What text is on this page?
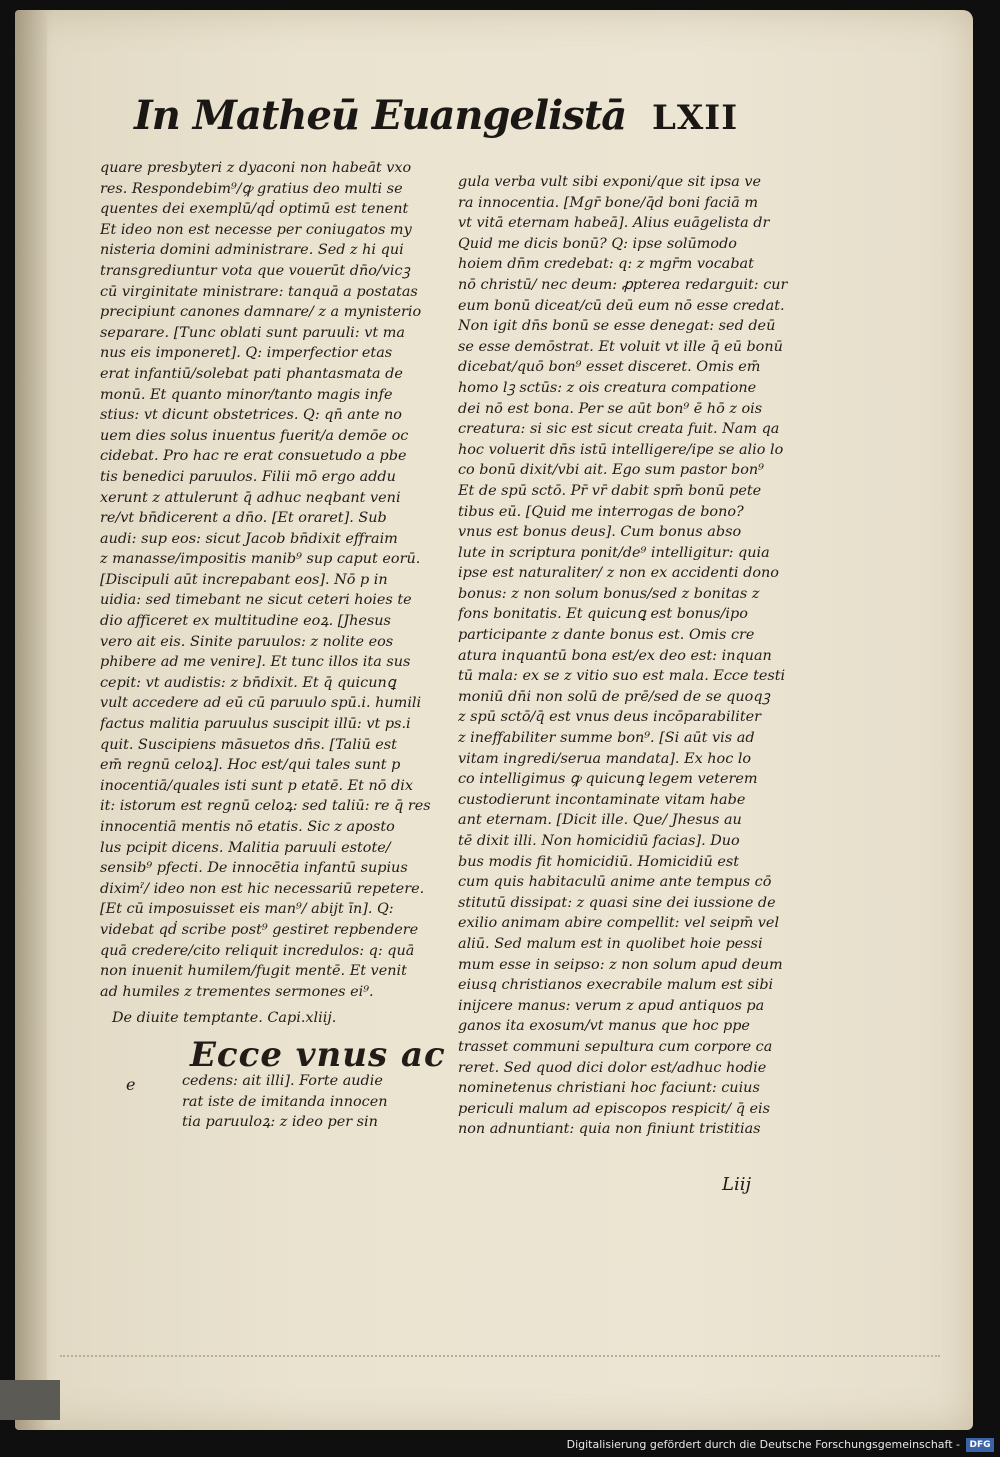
In Matheū Euangelistā LXII
quare presbyteri z dyaconi non habeāt vxo
res. Respondebim⁹/ꝙ gratius deo multi se
quentes dei exemplū/qḋ optimū est tenent
Et ideo non est necesse per coniugatos my
nisteria domini administrare. Sed z hi qui
transgrediuntur vota que vouerūt dn̄o/vicꝫ
cū virginitate ministrare: tanquā a postatas
precipiunt canones damnare/ z a mynisterio
separare. [Tunc oblati sunt paruuli: vt ma
nus eis imponeret]. Q: imperfectior etas
erat infantiū/solebat pati phantasmata de
monū. Et quanto minor/tanto magis infe
stius: vt dicunt obstetrices. Q: qn̄ ante no
uem dies solus inuentus fuerit/a demōe oc
cidebat. Pro hac re erat consuetudo a pbe
tis benedici paruulos. Filii mō ergo addu
xerunt z attulerunt q̄ adhuc neqbant veni
re/vt bn̄dicerent a dn̄o. [Et oraret]. Sub
audi: sup eos: sicut Jacob bn̄dixit effraim
z manasse/impositis manib⁹ sup caput eorū.
[Discipuli aūt increpabant eos]. Nō p in
uidia: sed timebant ne sicut ceteri hoies te
dio afficeret ex multitudine eoꝝ. [Jhesus
vero ait eis. Sinite paruulos: z nolite eos
phibere ad me venire]. Et tunc illos ita sus
cepit: vt audistis: z bn̄dixit. Et q̄ quicunꝗ
vult accedere ad eū cū paruulo spū.i. humili
factus malitia paruulus suscipit illū: vt ps.i
quit. Suscipiens māsuetos dn̄s. [Taliū est
em̄ regnū celoꝝ]. Hoc est/qui tales sunt p
inocentiā/quales isti sunt p etatē. Et nō dix
it: istorum est regnū celoꝝ: sed taliū: re q̄ res
innocentiā mentis nō etatis. Sic z aposto
lus pcipit dicens. Malitia paruuli estote/
sensib⁹ pfecti. De innocētia infantū supius
diximˀ/ ideo non est hic necessariū repetere.
[Et cū imposuisset eis man⁹/ abijt īn]. Q:
videbat qḋ scribe post⁹ gestiret repbendere
quā credere/cito reliquit incredulos: q: quā
non inuenit humilem/fugit mentē. Et venit
ad humiles z trementes sermones ei⁹.
De diuite temptante. Capi.xliij.
e
Ecce vnus ac
cedens: ait illi]. Forte audie
rat iste de imitanda innocen
tia paruuloꝝ: z ideo per sin
gula verba vult sibi exponi/que sit ipsa ve
ra innocentia. [Mgr̄ bone/q̄d boni faciā m
vt vitā eternam habeā]. Alius euāgelista dr
Quid me dicis bonū? Q: ipse solūmodo
hoiem dn̄m credebat: q: z mgr̄m vocabat
nō christū/ nec deum: ꝓpterea redarguit: cur
eum bonū diceat/cū deū eum nō esse credat.
Non igit dn̄s bonū se esse denegat: sed deū
se esse demōstrat. Et voluit vt ille q̄ eū bonū
dicebat/quō bon⁹ esset disceret. Omis em̄
homo lꝫ sctūs: z ois creatura compatione
dei nō est bona. Per se aūt bon⁹ ē hō z ois
creatura: si sic est sicut creata fuit. Nam qa
hoc voluerit dn̄s istū intelligere/ipe se alio lo
co bonū dixit/vbi ait. Ego sum pastor bon⁹
Et de spū sctō. Pr̄ vr̄ dabit spm̄ bonū pete
tibus eū. [Quid me interrogas de bono?
vnus est bonus deus]. Cum bonus abso
lute in scriptura ponit/de⁹ intelligitur: quia
ipse est naturaliter/ z non ex accidenti dono
bonus: z non solum bonus/sed z bonitas z
fons bonitatis. Et quicunꝗ est bonus/ipo
participante z dante bonus est. Omis cre
atura inquantū bona est/ex deo est: inquan
tū mala: ex se z vitio suo est mala. Ecce testi
moniū dn̄i non solū de prē/sed de se quoqꝫ
z spū sctō/q̄ est vnus deus incōparabiliter
z ineffabiliter summe bon⁹. [Si aūt vis ad
vitam ingredi/serua mandata]. Ex hoc lo
co intelligimus ꝙ quicunꝗ legem veterem
custodierunt incontaminate vitam habe
ant eternam. [Dicit ille. Que/ Jhesus au
tē dixit illi. Non homicidiū facias]. Duo
bus modis fit homicidiū. Homicidiū est
cum quis habitaculū anime ante tempus cō
stitutū dissipat: z quasi sine dei iussione de
exilio animam abire compellit: vel seipm̄ vel
aliū. Sed malum est in quolibet hoie pessi
mum esse in seipso: z non solum apud deum
eiusq christianos execrabile malum est sibi
inijcere manus: verum z apud antiquos pa
ganos ita exosum/vt manus que hoc ppe
trasset communi sepultura cum corpore ca
reret. Sed quod dici dolor est/adhuc hodie
nominetenus christiani hoc faciunt: cuius
periculi malum ad episcopos respicit/ q̄ eis
non adnuntiant: quia non finiunt tristitias
Liij
Digitalisierung gefördert durch die Deutsche Forschungsgemeinschaft -	DFG
